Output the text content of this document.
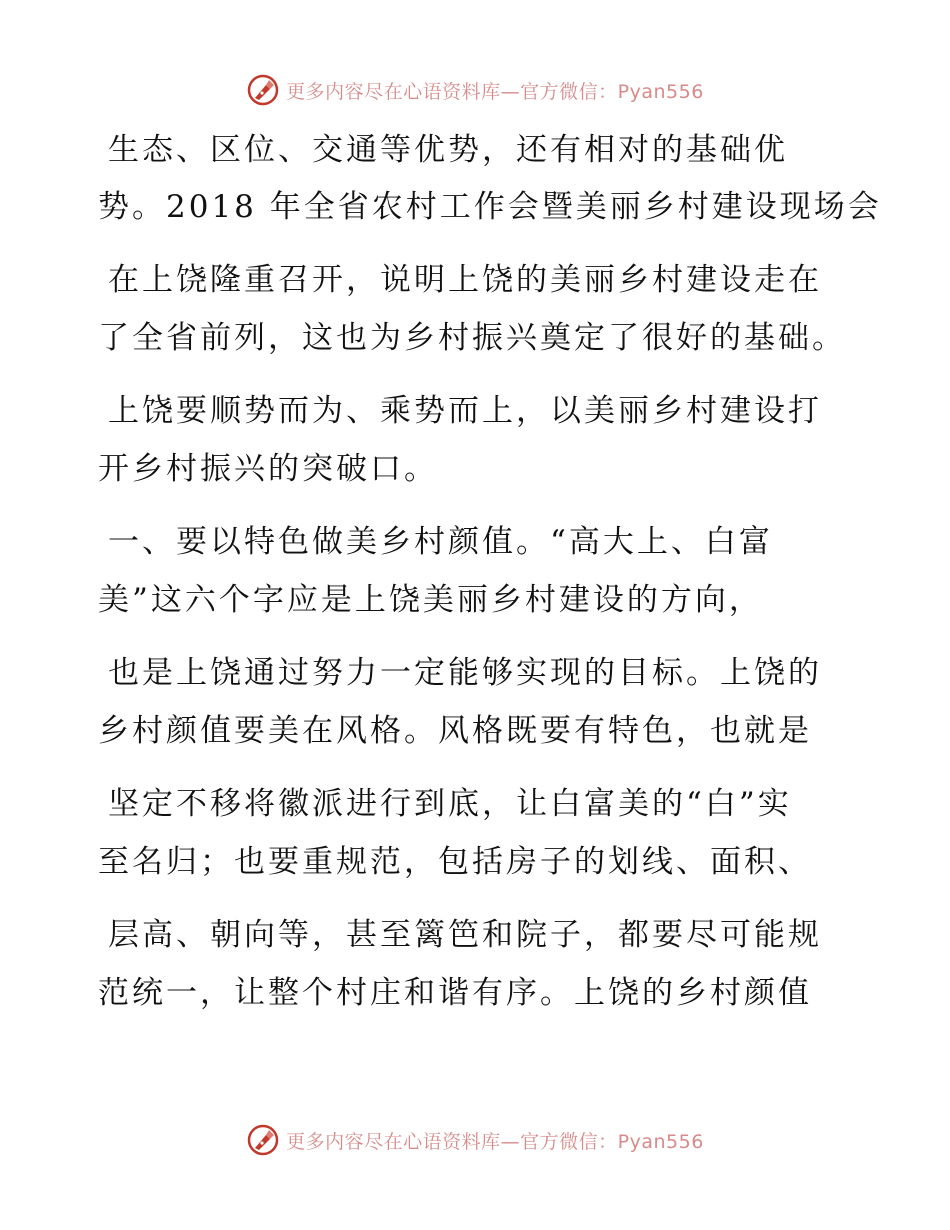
更多内容尽在心语资料库—官方微信：Pyan556
生态、区位、交通等优势，还有相对的基础优
势。2018 年全省农村工作会暨美丽乡村建设现场会
在上饶隆重召开，说明上饶的美丽乡村建设走在
了全省前列，这也为乡村振兴奠定了很好的基础。
上饶要顺势而为、乘势而上，以美丽乡村建设打
开乡村振兴的突破口。
一、要以特色做美乡村颜值。“高大上、白富
美”这六个字应是上饶美丽乡村建设的方向，
也是上饶通过努力一定能够实现的目标。上饶的
乡村颜值要美在风格。风格既要有特色，也就是
坚定不移将徽派进行到底，让白富美的“白”实
至名归；也要重规范，包括房子的划线、面积、
层高、朝向等，甚至篱笆和院子，都要尽可能规
范统一，让整个村庄和谐有序。上饶的乡村颜值
更多内容尽在心语资料库—官方微信：Pyan556
